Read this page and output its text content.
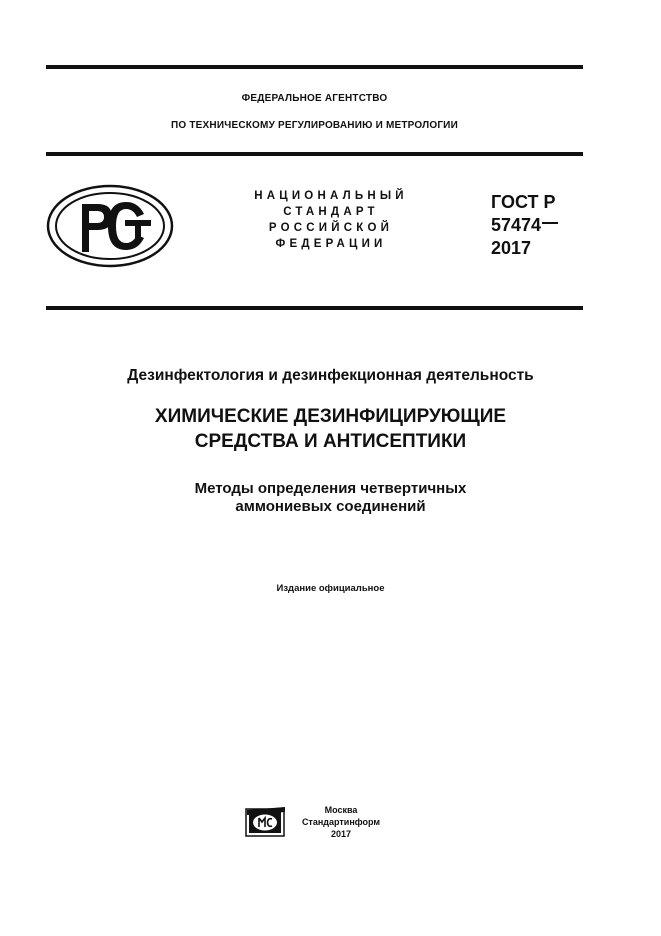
ФЕДЕРАЛЬНОЕ АГЕНТСТВО
ПО ТЕХНИЧЕСКОМУ РЕГУЛИРОВАНИЮ И МЕТРОЛОГИИ
НАЦИОНАЛЬНЫЙ
СТАНДАРТ
РОССИЙСКОЙ
ФЕДЕРАЦИИ
ГОСТ Р
57474
2017
Дезинфектология и дезинфекционная деятельность
ХИМИЧЕСКИЕ ДЕЗИНФИЦИРУЮЩИЕ
СРЕДСТВА И АНТИСЕПТИКИ
Методы определения четвертичных
аммониевых соединений
Издание официальное
Москва
Стандартинформ
2017
